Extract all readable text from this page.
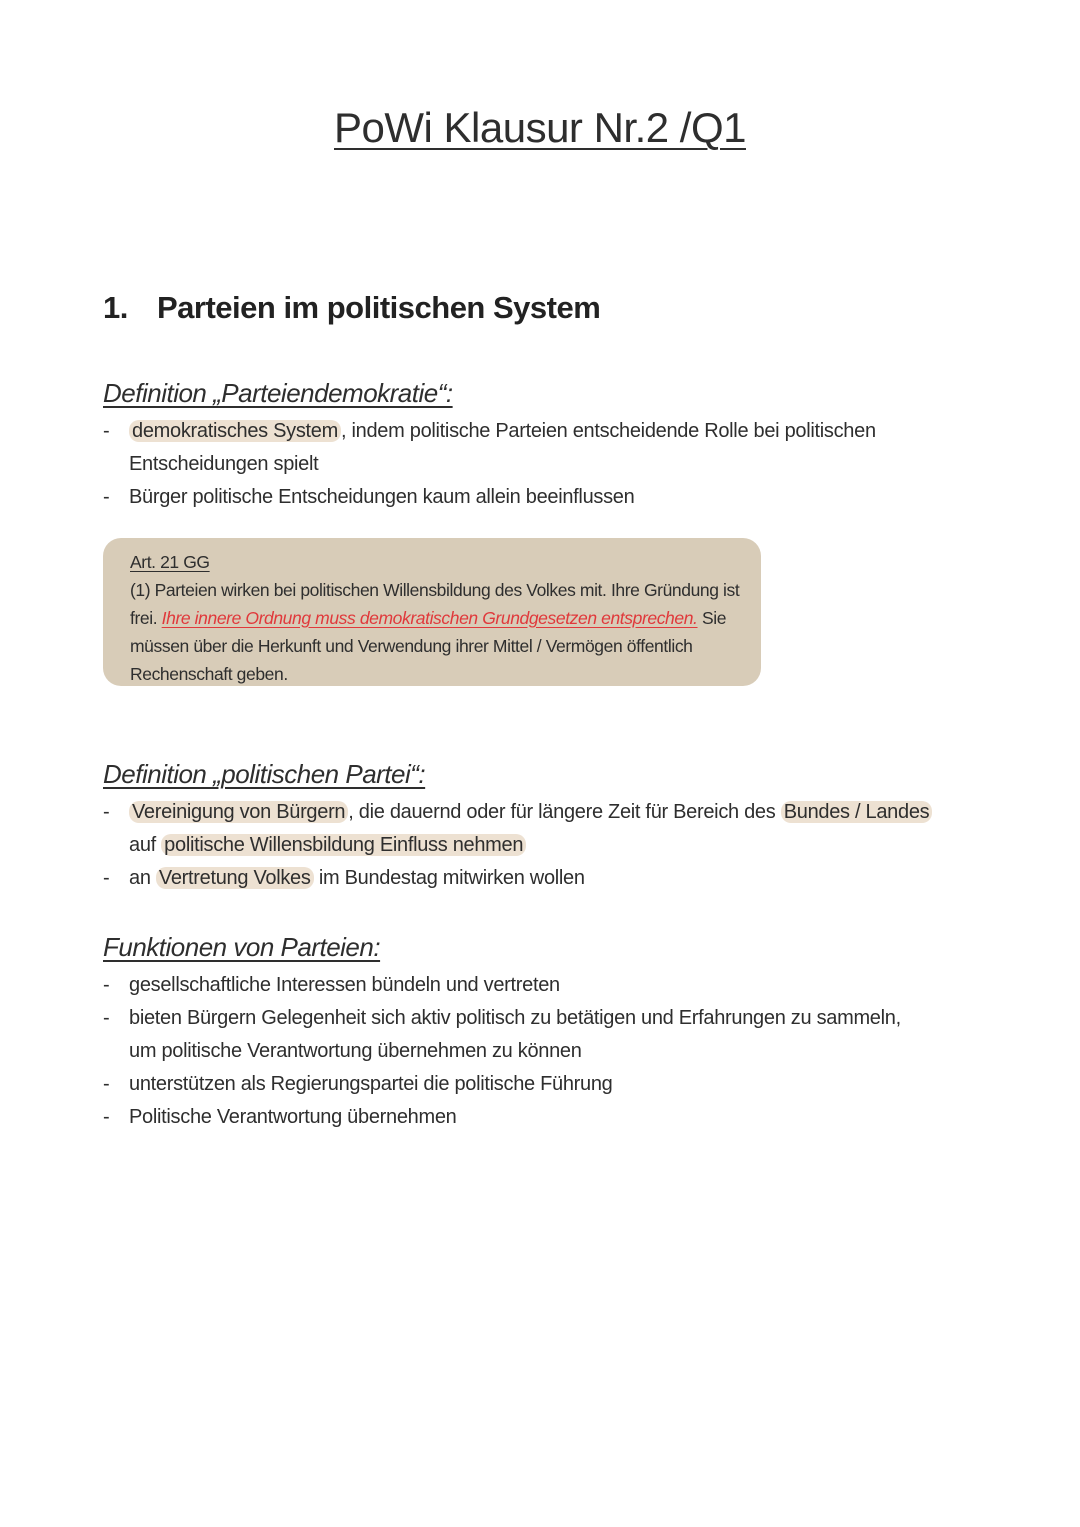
PoWi Klausur Nr.2 /Q1
1. Parteien im politischen System
Definition „Parteiendemokratie“:
- demokratisches System , indem politische Parteien entscheidende Rolle bei politischen Entscheidungen spielt
- Bürger politische Entscheidungen kaum allein beeinflussen
Art. 21 GG
(1) Parteien wirken bei politischen Willensbildung des Volkes mit. Ihre Gründung ist frei. Ihre innere Ordnung muss demokratischen Grundgesetzen entsprechen. Sie müssen über die Herkunft und Verwendung ihrer Mittel / Vermögen öffentlich Rechenschaft geben.
Definition „politischen Partei“:
- Vereinigung von Bürgern , die dauernd oder für längere Zeit für Bereich des Bundes / Landes auf politische Willensbildung Einfluss nehmen
- an Vertretung Volkes im Bundestag mitwirken wollen
Funktionen von Parteien:
- gesellschaftliche Interessen bündeln und vertreten
- bieten Bürgern Gelegenheit sich aktiv politisch zu betätigen und Erfahrungen zu sammeln, um politische Verantwortung übernehmen zu können
- unterstützen als Regierungspartei die politische Führung
- Politische Verantwortung übernehmen
